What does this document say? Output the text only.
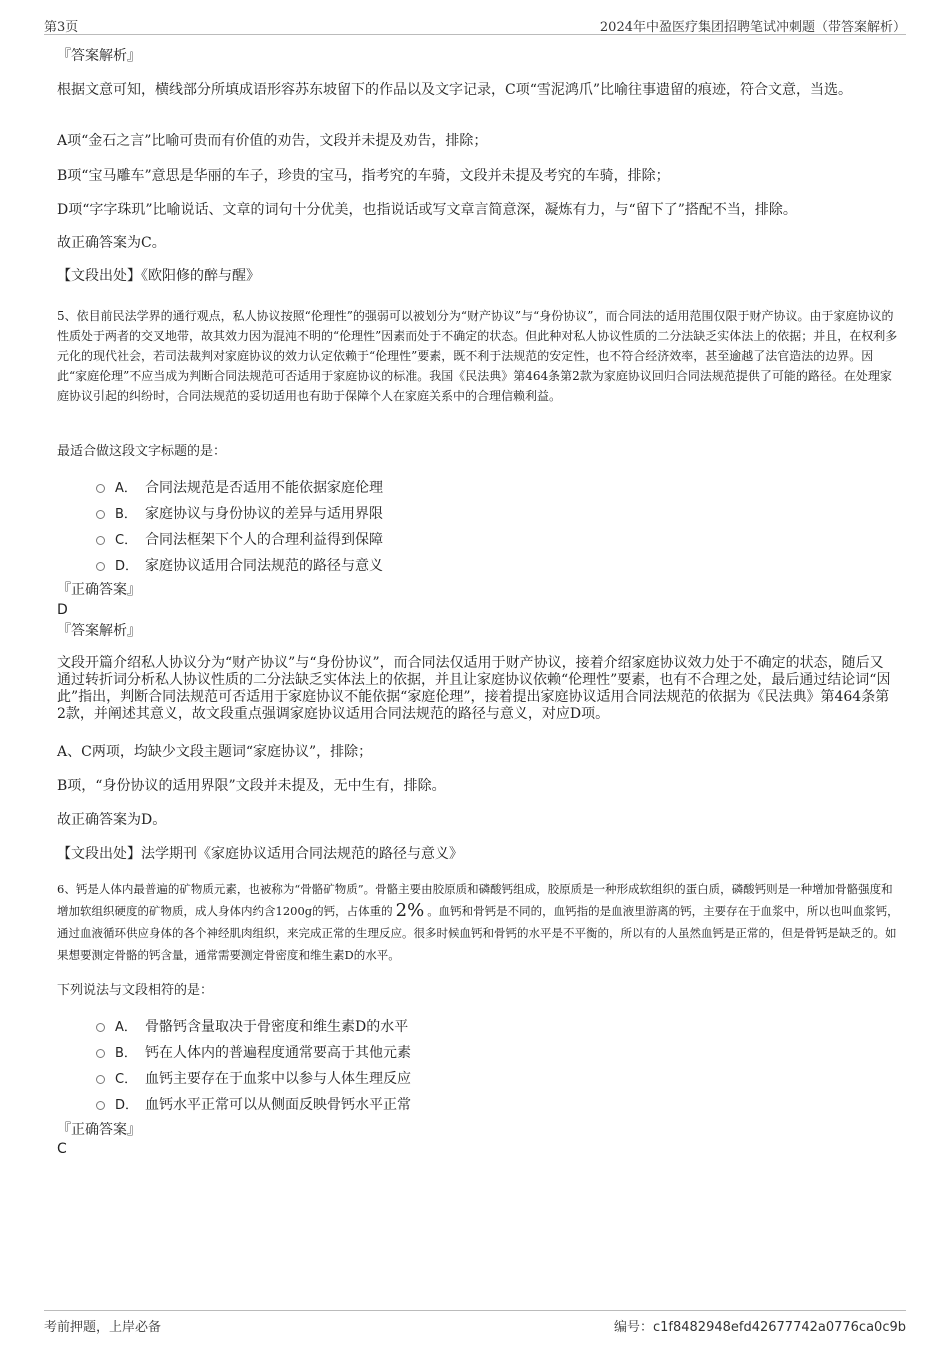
第3页	2024年中盈医疗集团招聘笔试冲刺题（带答案解析）

『答案解析』

根据文意可知，横线部分所填成语形容苏东坡留下的作品以及文字记录，C项“雪泥鸿爪”比喻往事遗留的痕迹，符合文意，当选。

A项“金石之言”比喻可贵而有价值的劝告，文段并未提及劝告，排除；

B项“宝马雕车”意思是华丽的车子，珍贵的宝马，指考究的车骑，文段并未提及考究的车骑，排除；

D项“字字珠玑”比喻说话、文章的词句十分优美，也指说话或写文章言简意深，凝炼有力，与“留下了”搭配不当，排除。

故正确答案为C。

【文段出处】《欧阳修的醉与醒》

5、依目前民法学界的通行观点，私人协议按照“伦理性”的强弱可以被划分为“财产协议”与“身份协议”，而合同法的适用范围仅限于财产协议。由于家庭协议的性质处于两者的交叉地带，故其效力因为混沌不明的“伦理性”因素而处于不确定的状态。但此种对私人协议性质的二分法缺乏实体法上的依据；并且，在权利多元化的现代社会，若司法裁判对家庭协议的效力认定依赖于“伦理性”要素，既不利于法规范的安定性，也不符合经济效率，甚至逾越了法官造法的边界。因此“家庭伦理”不应当成为判断合同法规范可否适用于家庭协议的标准。我国《民法典》第464条第2款为家庭协议回归合同法规范提供了可能的路径。在处理家庭协议引起的纠纷时，合同法规范的妥切适用也有助于保障个人在家庭关系中的合理信赖利益。

最适合做这段文字标题的是：

A． 合同法规范是否适用不能依据家庭伦理
B． 家庭协议与身份协议的差异与适用界限
C． 合同法框架下个人的合理利益得到保障
D． 家庭协议适用合同法规范的路径与意义

『正确答案』

D

『答案解析』

文段开篇介绍私人协议分为“财产协议”与“身份协议”，而合同法仅适用于财产协议，接着介绍家庭协议效力处于不确定的状态，随后又通过转折词分析私人协议性质的二分法缺乏实体法上的依据，并且让家庭协议依赖“伦理性”要素，也有不合理之处，最后通过结论词“因此”指出，判断合同法规范可否适用于家庭协议不能依据“家庭伦理”，接着提出家庭协议适用合同法规范的依据为《民法典》第464条第2款，并阐述其意义，故文段重点强调家庭协议适用合同法规范的路径与意义，对应D项。

A、C两项，均缺少文段主题词“家庭协议”，排除；

B项，“身份协议的适用界限”文段并未提及，无中生有，排除。

故正确答案为D。

【文段出处】法学期刊《家庭协议适用合同法规范的路径与意义》

6、钙是人体内最普遍的矿物质元素，也被称为“骨骼矿物质”。骨骼主要由胶原质和磷酸钙组成，胶原质是一种形成软组织的蛋白质，磷酸钙则是一种增加骨骼强度和增加软组织硬度的矿物质，成人身体内约含1200g的钙，占体重的 2% 。血钙和骨钙是不同的，血钙指的是血液里游离的钙，主要存在于血浆中，所以也叫血浆钙，通过血液循环供应身体的各个神经肌肉组织，来完成正常的生理反应。很多时候血钙和骨钙的水平是不平衡的，所以有的人虽然血钙是正常的，但是骨钙是缺乏的。如果想要测定骨骼的钙含量，通常需要测定骨密度和维生素D的水平。

下列说法与文段相符的是：

A． 骨骼钙含量取决于骨密度和维生素D的水平
B． 钙在人体内的普遍程度通常要高于其他元素
C． 血钙主要存在于血浆中以参与人体生理反应
D． 血钙水平正常可以从侧面反映骨钙水平正常

『正确答案』

C

考前押题，上岸必备	编号：c1f8482948efd42677742a0776ca0c9b
